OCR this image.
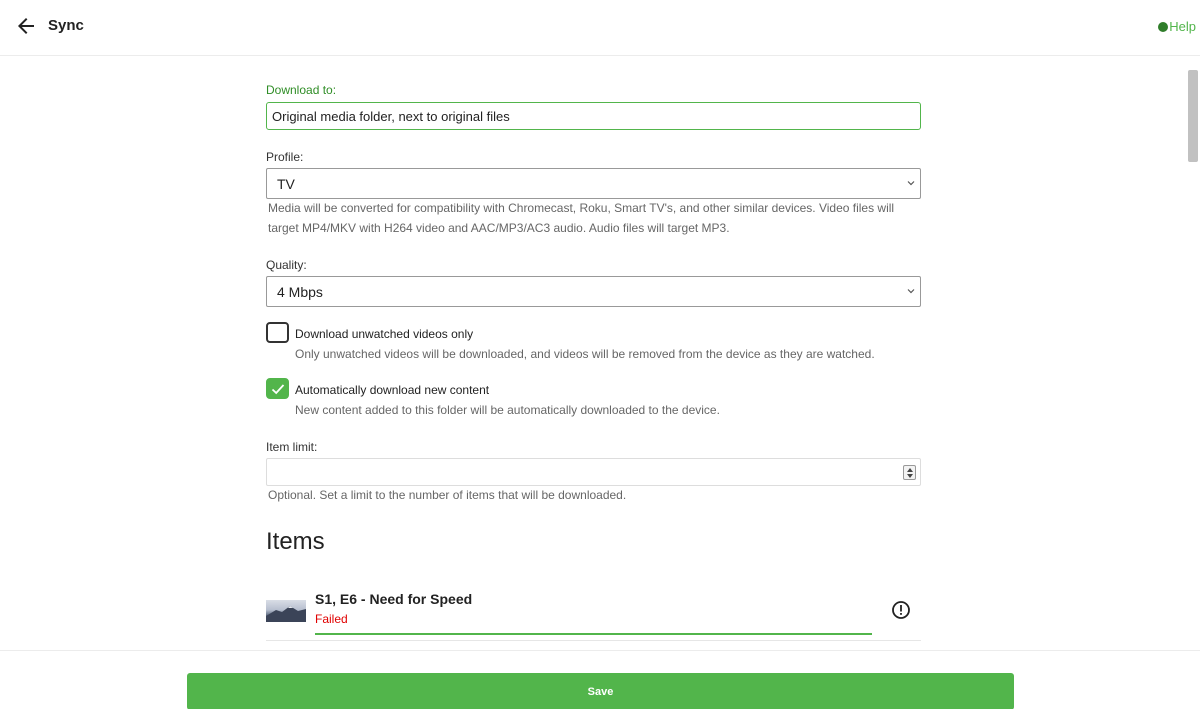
Sync	Help
Download to:
Original media folder, next to original files
Profile:
TV
Media will be converted for compatibility with Chromecast, Roku, Smart TV's, and other similar devices. Video files will target MP4/MKV with H264 video and AAC/MP3/AC3 audio. Audio files will target MP3.
Quality:
4 Mbps
Download unwatched videos only
Only unwatched videos will be downloaded, and videos will be removed from the device as they are watched.
Automatically download new content
New content added to this folder will be automatically downloaded to the device.
Item limit:
Optional. Set a limit to the number of items that will be downloaded.
Items
S1, E6 - Need for Speed
Failed
Save
